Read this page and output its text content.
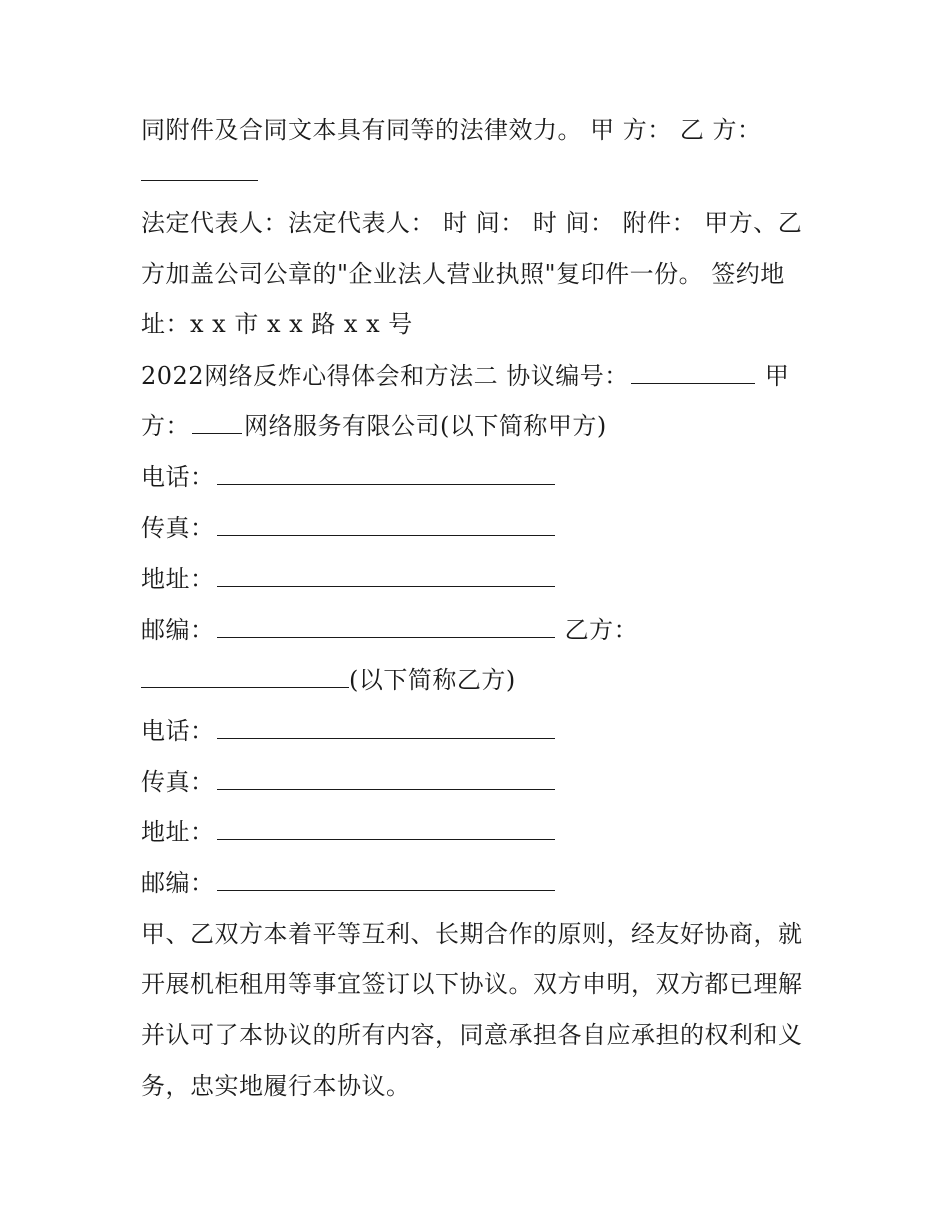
同附件及合同文本具有同等的法律效力。 甲 方： 乙 方：
法定代表人：法定代表人： 时 间： 时 间： 附件： 甲方、乙
方加盖公司公章的"企业法人营业执照"复印件一份。 签约地
址：x x 市 x x 路 x x 号
2022网络反炸心得体会和方法二 协议编号：	甲
方： 网络服务有限公司(以下简称甲方)
电话：
传真：
地址：
邮编：	乙方：
(以下简称乙方)
电话：
传真：
地址：
邮编：
甲、乙双方本着平等互利、长期合作的原则，经友好协商，就
开展机柜租用等事宜签订以下协议。双方申明，双方都已理解
并认可了本协议的所有内容，同意承担各自应承担的权利和义
务，忠实地履行本协议。
